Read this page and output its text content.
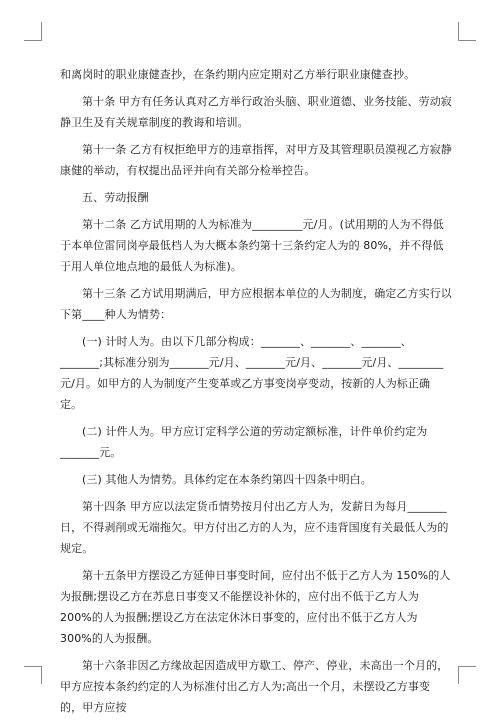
和离岗时的职业康健查抄，在条约期内应定期对乙方举行职业康健查抄。

第十条 甲方有任务认真对乙方举行政治头脑、职业道德、业务技能、劳动寂静卫生及有关规章制度的教诲和培训。

第十一条 乙方有权拒绝甲方的违章指挥，对甲方及其管理职员漠视乙方寂静康健的举动，有权提出品评并向有关部分检举控告。

五、劳动报酬

第十二条 乙方试用期的人为标准为_________元/月。(试用期的人为不得低于本单位雷同岗亭最低档人为大概本条约第十三条约定人为的 80%，并不得低于用人单位地点地的最低人为标准)。

第十三条 乙方试用期满后，甲方应根据本单位的人为制度，确定乙方实行以下第____种人为情势：

(一) 计时人为。由以下几部分构成：_______、_______、_______、_______;其标准分别为_______元/月、_______元/月、_______元/月、________元/月。如甲方的人为制度产生变革或乙方事变岗亭变动，按新的人为标正确定。

(二) 计件人为。甲方应订定科学公道的劳动定额标准，计件单价约定为_______元。

(三) 其他人为情势。具体约定在本条约第四十四条中明白。

第十四条 甲方应以法定货币情势按月付出乙方人为，发薪日为每月_______日，不得剥削或无端拖欠。甲方付出乙方的人为，应不违背国度有关最低人为的规定。

第十五条甲方摆设乙方延伸日事变时间，应付出不低于乙方人为 150%的人为报酬;摆设乙方在苏息日事变又不能摆设补休的，应付出不低于乙方人为 200%的人为报酬;摆设乙方在法定休沐日事变的，应付出不低于乙方人为 300%的人为报酬。

第十六条非因乙方缘故起因造成甲方歇工、停产、停业，未高出一个月的，甲方应按本条约约定的人为标准付出乙方人为;高出一个月，未摆设乙方事变的，甲方应按
